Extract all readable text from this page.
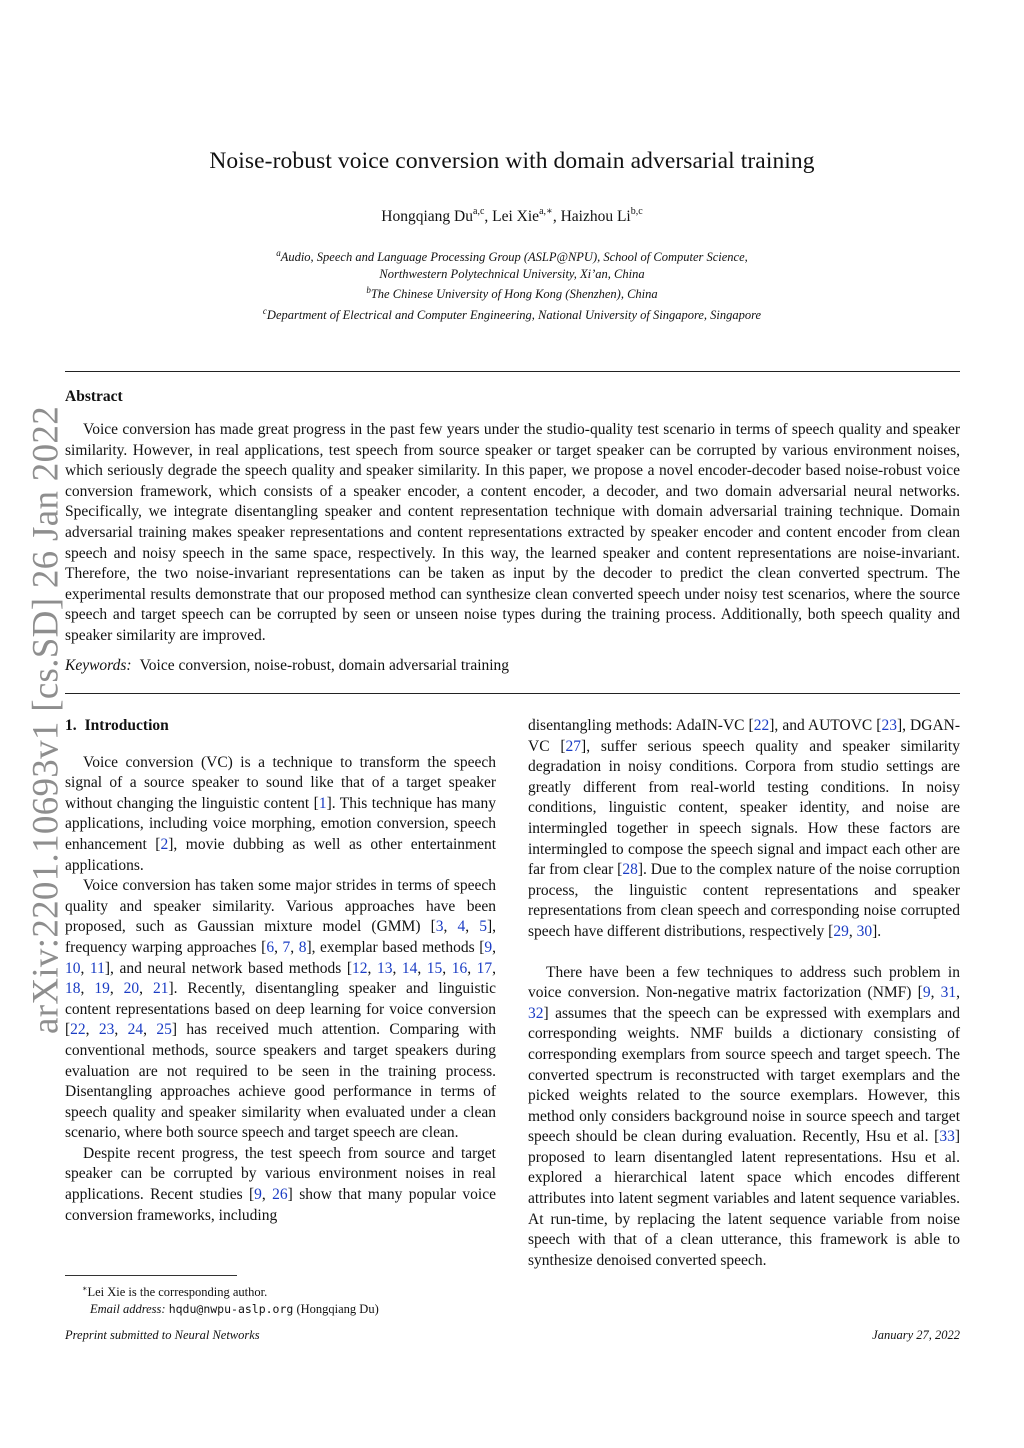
arXiv:2201.10693v1 [cs.SD] 26 Jan 2022
Noise-robust voice conversion with domain adversarial training
Hongqiang Du$^{a,c}$, Lei Xie$^{a,∗}$, Haizhou Li$^{b,c}$
$^a$Audio, Speech and Language Processing Group (ASLP@NPU), School of Computer Science,
Northwestern Polytechnical University, Xi’an, China
$^b$The Chinese University of Hong Kong (Shenzhen), China
$^c$Department of Electrical and Computer Engineering, National University of Singapore, Singapore
Abstract
Voice conversion has made great progress in the past few years under the studio-quality test scenario in terms of speech quality and speaker similarity. However, in real applications, test speech from source speaker or target speaker can be corrupted by various environment noises, which seriously degrade the speech quality and speaker similarity. In this paper, we propose a novel encoder-decoder based noise-robust voice conversion framework, which consists of a speaker encoder, a content encoder, a decoder, and two domain adversarial neural networks. Specifically, we integrate disentangling speaker and content representation technique with domain adversarial training technique. Domain adversarial training makes speaker representations and content representations extracted by speaker encoder and content encoder from clean speech and noisy speech in the same space, respectively. In this way, the learned speaker and content representations are noise-invariant. Therefore, the two noise-invariant representations can be taken as input by the decoder to predict the clean converted spectrum. The experimental results demonstrate that our proposed method can synthesize clean converted speech under noisy test scenarios, where the source speech and target speech can be corrupted by seen or unseen noise types during the training process. Additionally, both speech quality and speaker similarity are improved.
Keywords: Voice conversion, noise-robust, domain adversarial training
1. Introduction

Voice conversion (VC) is a technique to transform the speech signal of a source speaker to sound like that of a target speaker without changing the linguistic content [1]. This technique has many applications, including voice morphing, emotion conversion, speech enhancement [2], movie dubbing as well as other entertainment applications.

Voice conversion has taken some major strides in terms of speech quality and speaker similarity. Various approaches have been proposed, such as Gaussian mixture model (GMM) [3, 4, 5], frequency warping approaches [6, 7, 8], exemplar based methods [9, 10, 11], and neural network based methods [12, 13, 14, 15, 16, 17, 18, 19, 20, 21]. Recently, disentangling speaker and linguistic content representations based on deep learning for voice conversion [22, 23, 24, 25] has received much attention. Comparing with conventional methods, source speakers and target speakers during evaluation are not required to be seen in the training process. Disentangling approaches achieve good performance in terms of speech quality and speaker similarity when evaluated under a clean scenario, where both source speech and target speech are clean.

Despite recent progress, the test speech from source and target speaker can be corrupted by various environment noises in real applications. Recent studies [9, 26] show that many popular voice conversion frameworks, including

disentangling methods: AdaIN-VC [22], and AUTOVC [23], DGAN-VC [27], suffer serious speech quality and speaker similarity degradation in noisy conditions. Corpora from studio settings are greatly different from real-world testing conditions. In noisy conditions, linguistic content, speaker identity, and noise are intermingled together in speech signals. How these factors are intermingled to compose the speech signal and impact each other are far from clear [28]. Due to the complex nature of the noise corruption process, the linguistic content representations and speaker representations from clean speech and corresponding noise corrupted speech have different distributions, respectively [29, 30].

There have been a few techniques to address such problem in voice conversion. Non-negative matrix factorization (NMF) [9, 31, 32] assumes that the speech can be expressed with exemplars and corresponding weights. NMF builds a dictionary consisting of corresponding exemplars from source speech and target speech. The converted spectrum is reconstructed with target exemplars and the picked weights related to the source exemplars. However, this method only considers background noise in source speech and target speech should be clean during evaluation. Recently, Hsu et al. [33] proposed to learn disentangled latent representations. Hsu et al. explored a hierarchical latent space which encodes different attributes into latent segment variables and latent sequence variables. At run-time, by replacing the latent sequence variable from noise speech with that of a clean utterance, this framework is able to synthesize denoised converted speech.

∗Lei Xie is the corresponding author.
Email address: hqdu@nwpu-aslp.org (Hongqiang Du)
Preprint submitted to Neural Networks	January 27, 2022
